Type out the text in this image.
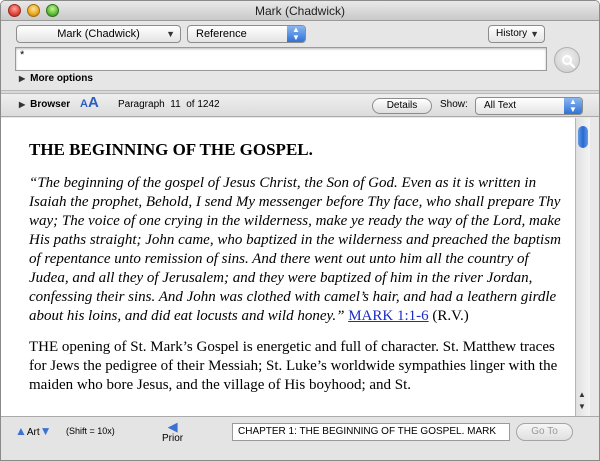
Mark (Chadwick)
Mark (Chadwick)	▼	Reference	▲
▼	History ▼
*
▶ More options
▶ Browser AA Paragraph 11 of 1242	Details	Show:	All Text	▲
▼
THE BEGINNING OF THE GOSPEL.

“The beginning of the gospel of Jesus Christ, the Son of God. Even as it is written in Isaiah the prophet, Behold, I send My messenger before Thy face, who shall prepare Thy way; The voice of one crying in the wilderness, make ye ready the way of the Lord, make His paths straight; John came, who baptized in the wilderness and preached the baptism of repentance unto remission of sins. And there went out unto him all the country of Judea, and all they of Jerusalem; and they were baptized of him in the river Jordan, confessing their sins. And John was clothed with camel’s hair, and had a leathern girdle about his loins, and did eat locusts and wild honey.” MARK 1:1-6 (R.V.)

THE opening of St. Mark’s Gospel is energetic and full of character. St. Matthew traces for Jews the pedigree of their Messiah; St. Luke’s worldwide sympathies linger with the maiden who bore Jesus, and the village of His boyhood; and St.

▲
▼
▲Art▼ (Shift = 10x)	◀
Prior
CHAPTER 1: THE BEGINNING OF THE GOSPEL. MARK	Go To
